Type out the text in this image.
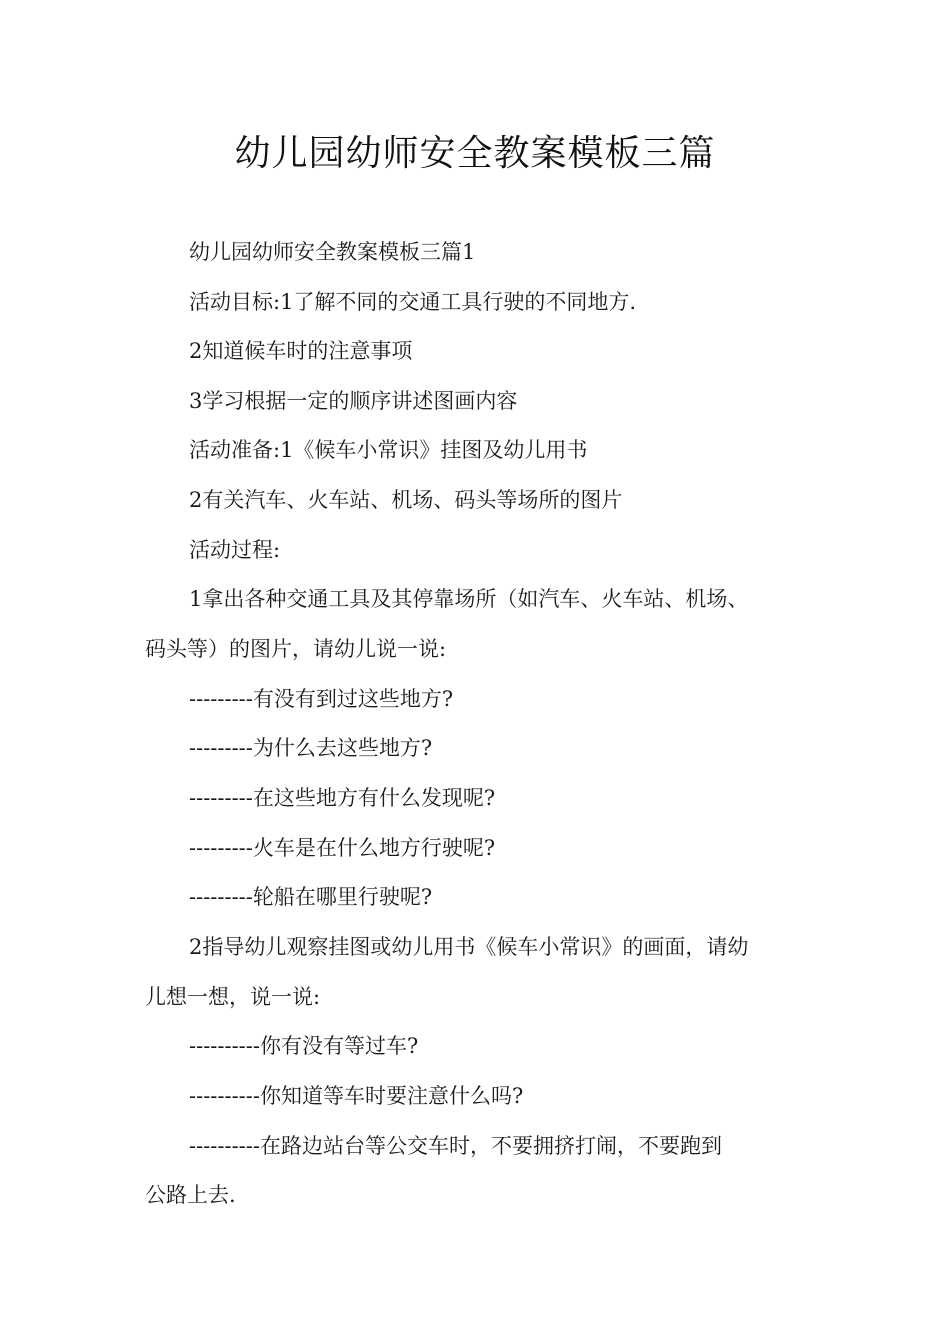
幼儿园幼师安全教案模板三篇
幼儿园幼师安全教案模板三篇1
活动目标:1了解不同的交通工具行驶的不同地方.
2知道候车时的注意事项
3学习根据一定的顺序讲述图画内容
活动准备:1《候车小常识》挂图及幼儿用书
2有关汽车、火车站、机场、码头等场所的图片
活动过程:
1拿出各种交通工具及其停靠场所（如汽车、火车站、机场、
码头等）的图片，请幼儿说一说:
---------有没有到过这些地方?
---------为什么去这些地方?
---------在这些地方有什么发现呢?
---------火车是在什么地方行驶呢?
---------轮船在哪里行驶呢?
2指导幼儿观察挂图或幼儿用书《候车小常识》的画面，请幼
儿想一想，说一说:
----------你有没有等过车?
----------你知道等车时要注意什么吗?
----------在路边站台等公交车时，不要拥挤打闹，不要跑到
公路上去.
